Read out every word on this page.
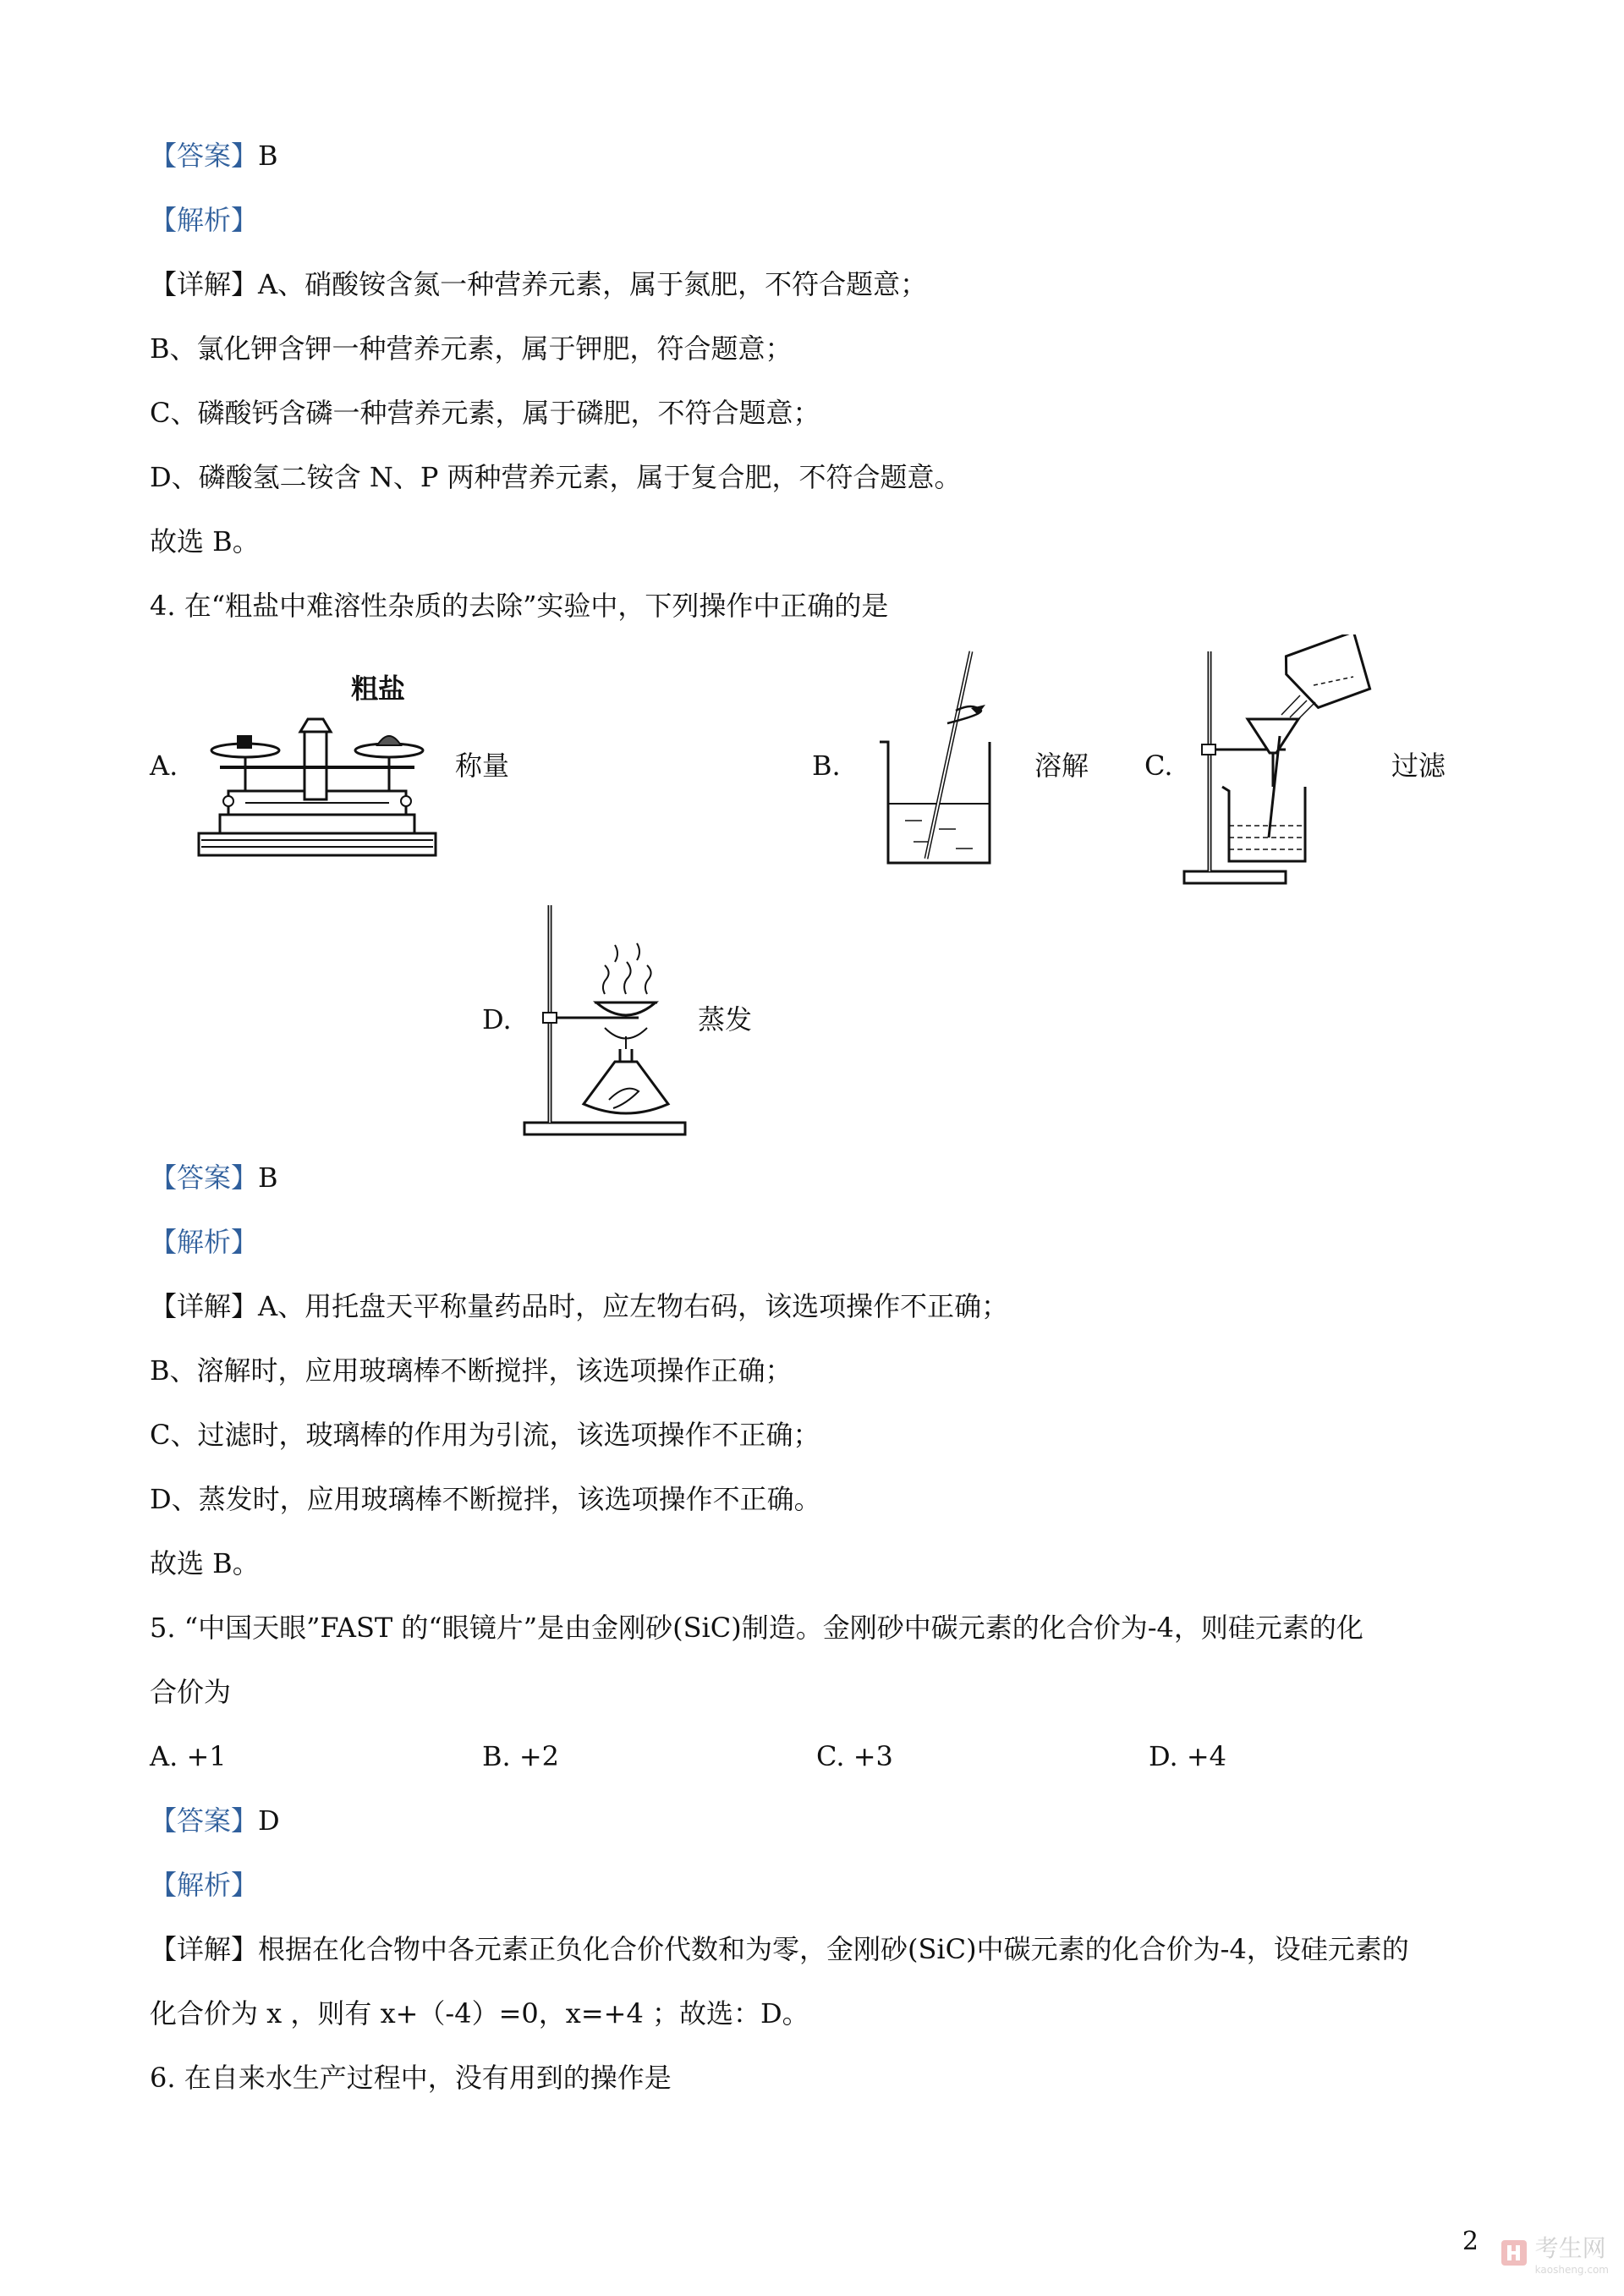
【答案】B
【解析】
【详解】A、硝酸铵含氮一种营养元素，属于氮肥，不符合题意；
B、氯化钾含钾一种营养元素，属于钾肥，符合题意；
C、磷酸钙含磷一种营养元素，属于磷肥，不符合题意；
D、磷酸氢二铵含 N、P 两种营养元素，属于复合肥，不符合题意。
故选 B。
4. 在“粗盐中难溶性杂质的去除”实验中，下列操作中正确的是
A.
粗盐
称量	B.	溶解 C.	过滤
D.	蒸发
【答案】B
【解析】
【详解】A、用托盘天平称量药品时，应左物右码，该选项操作不正确；
B、溶解时，应用玻璃棒不断搅拌，该选项操作正确；
C、过滤时，玻璃棒的作用为引流，该选项操作不正确；
D、蒸发时，应用玻璃棒不断搅拌，该选项操作不正确。
故选 B。
5. “中国天眼”FAST 的“眼镜片”是由金刚砂(SiC)制造。金刚砂中碳元素的化合价为-4，则硅元素的化
合价为
A. +1	B. +2	C. +3	D. +4
【答案】D
【解析】
【详解】根据在化合物中各元素正负化合价代数和为零，金刚砂(SiC)中碳元素的化合价为-4，设硅元素的
化合价为 x ，则有 x+（-4）=0，x=+4 ；故选：D。
6. 在自来水生产过程中，没有用到的操作是
2 考生网
kaosheng.com
